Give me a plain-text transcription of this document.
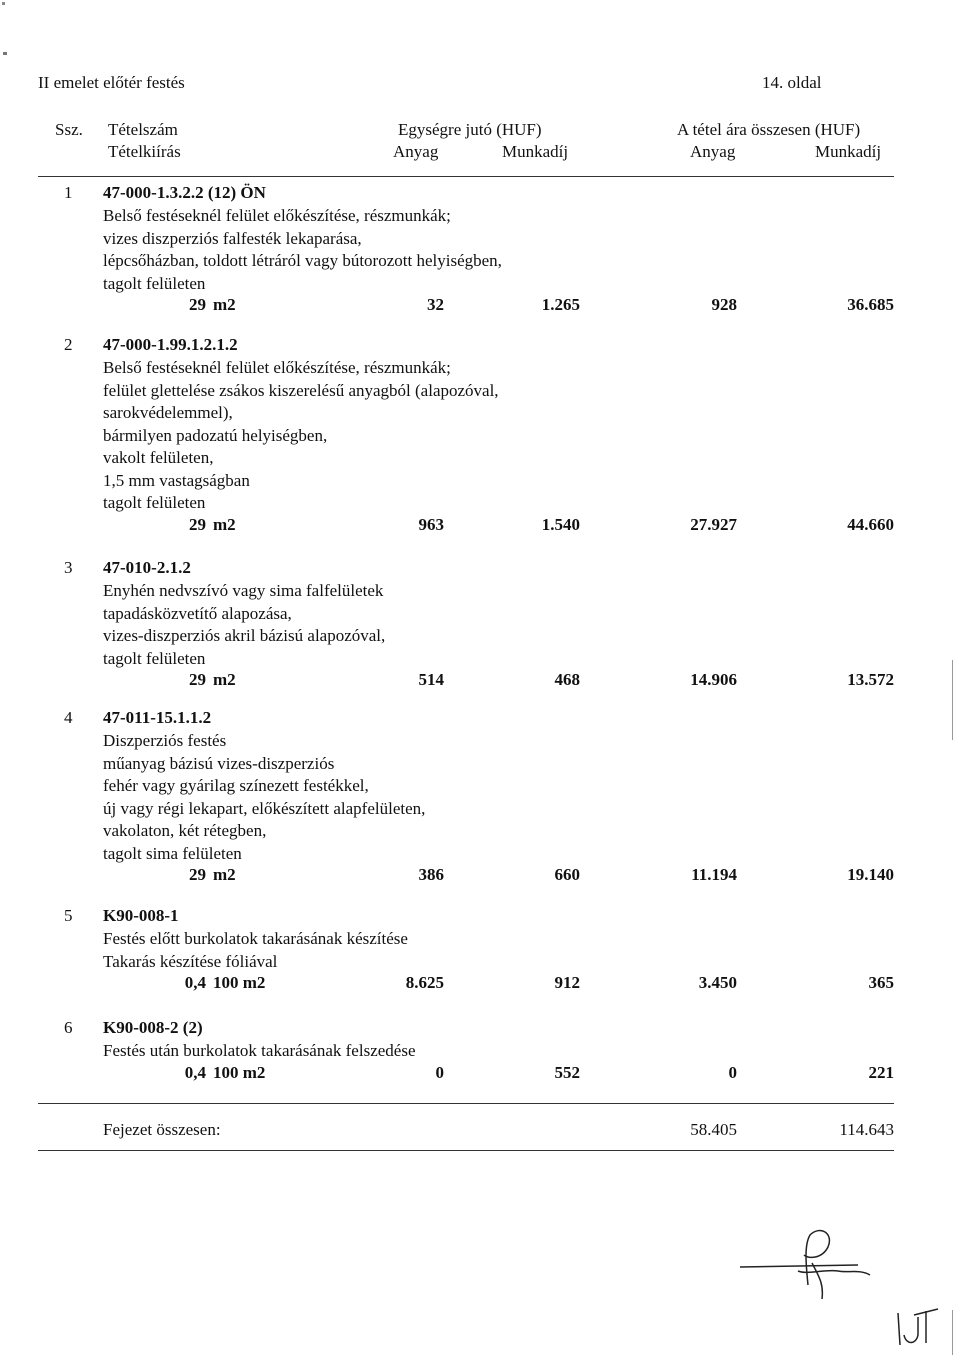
II emelet előtér festés	14. oldal
Ssz. Tételszám
Tételkiírás
Egységre jutó (HUF)	A tétel ára összesen (HUF)
Anyag	Munkadíj	Anyag	Munkadíj
1 47-000-1.3.2.2 (12) ÖN
Belső festéseknél felület előkészítése, részmunkák;
vizes diszperziós falfesték lekaparása,
lépcsőházban, toldott létráról vagy bútorozott helyiségben,
tagolt felületen
29 m2	32	1.265	928	36.685
2 47-000-1.99.1.2.1.2
Belső festéseknél felület előkészítése, részmunkák;
felület glettelése zsákos kiszerelésű anyagból (alapozóval,
sarokvédelemmel),
bármilyen padozatú helyiségben,
vakolt felületen,
1,5 mm vastagságban
tagolt felületen
29 m2	963	1.540	27.927	44.660
3 47-010-2.1.2
Enyhén nedvszívó vagy sima falfelületek
tapadásközvetítő alapozása,
vizes-diszperziós akril bázisú alapozóval,
tagolt felületen
29 m2	514	468	14.906	13.572
4 47-011-15.1.1.2
Diszperziós festés
műanyag bázisú vizes-diszperziós
fehér vagy gyárilag színezett festékkel,
új vagy régi lekapart, előkészített alapfelületen,
vakolaton, két rétegben,
tagolt sima felületen
29 m2	386	660	11.194	19.140
5 K90-008-1
Festés előtt burkolatok takarásának készítése
Takarás készítése fóliával
0,4 100 m2	8.625	912	3.450	365
6 K90-008-2 (2)
Festés után burkolatok takarásának felszedése
0,4 100 m2	0	552	0	221
Fejezet összesen:	58.405	114.643
